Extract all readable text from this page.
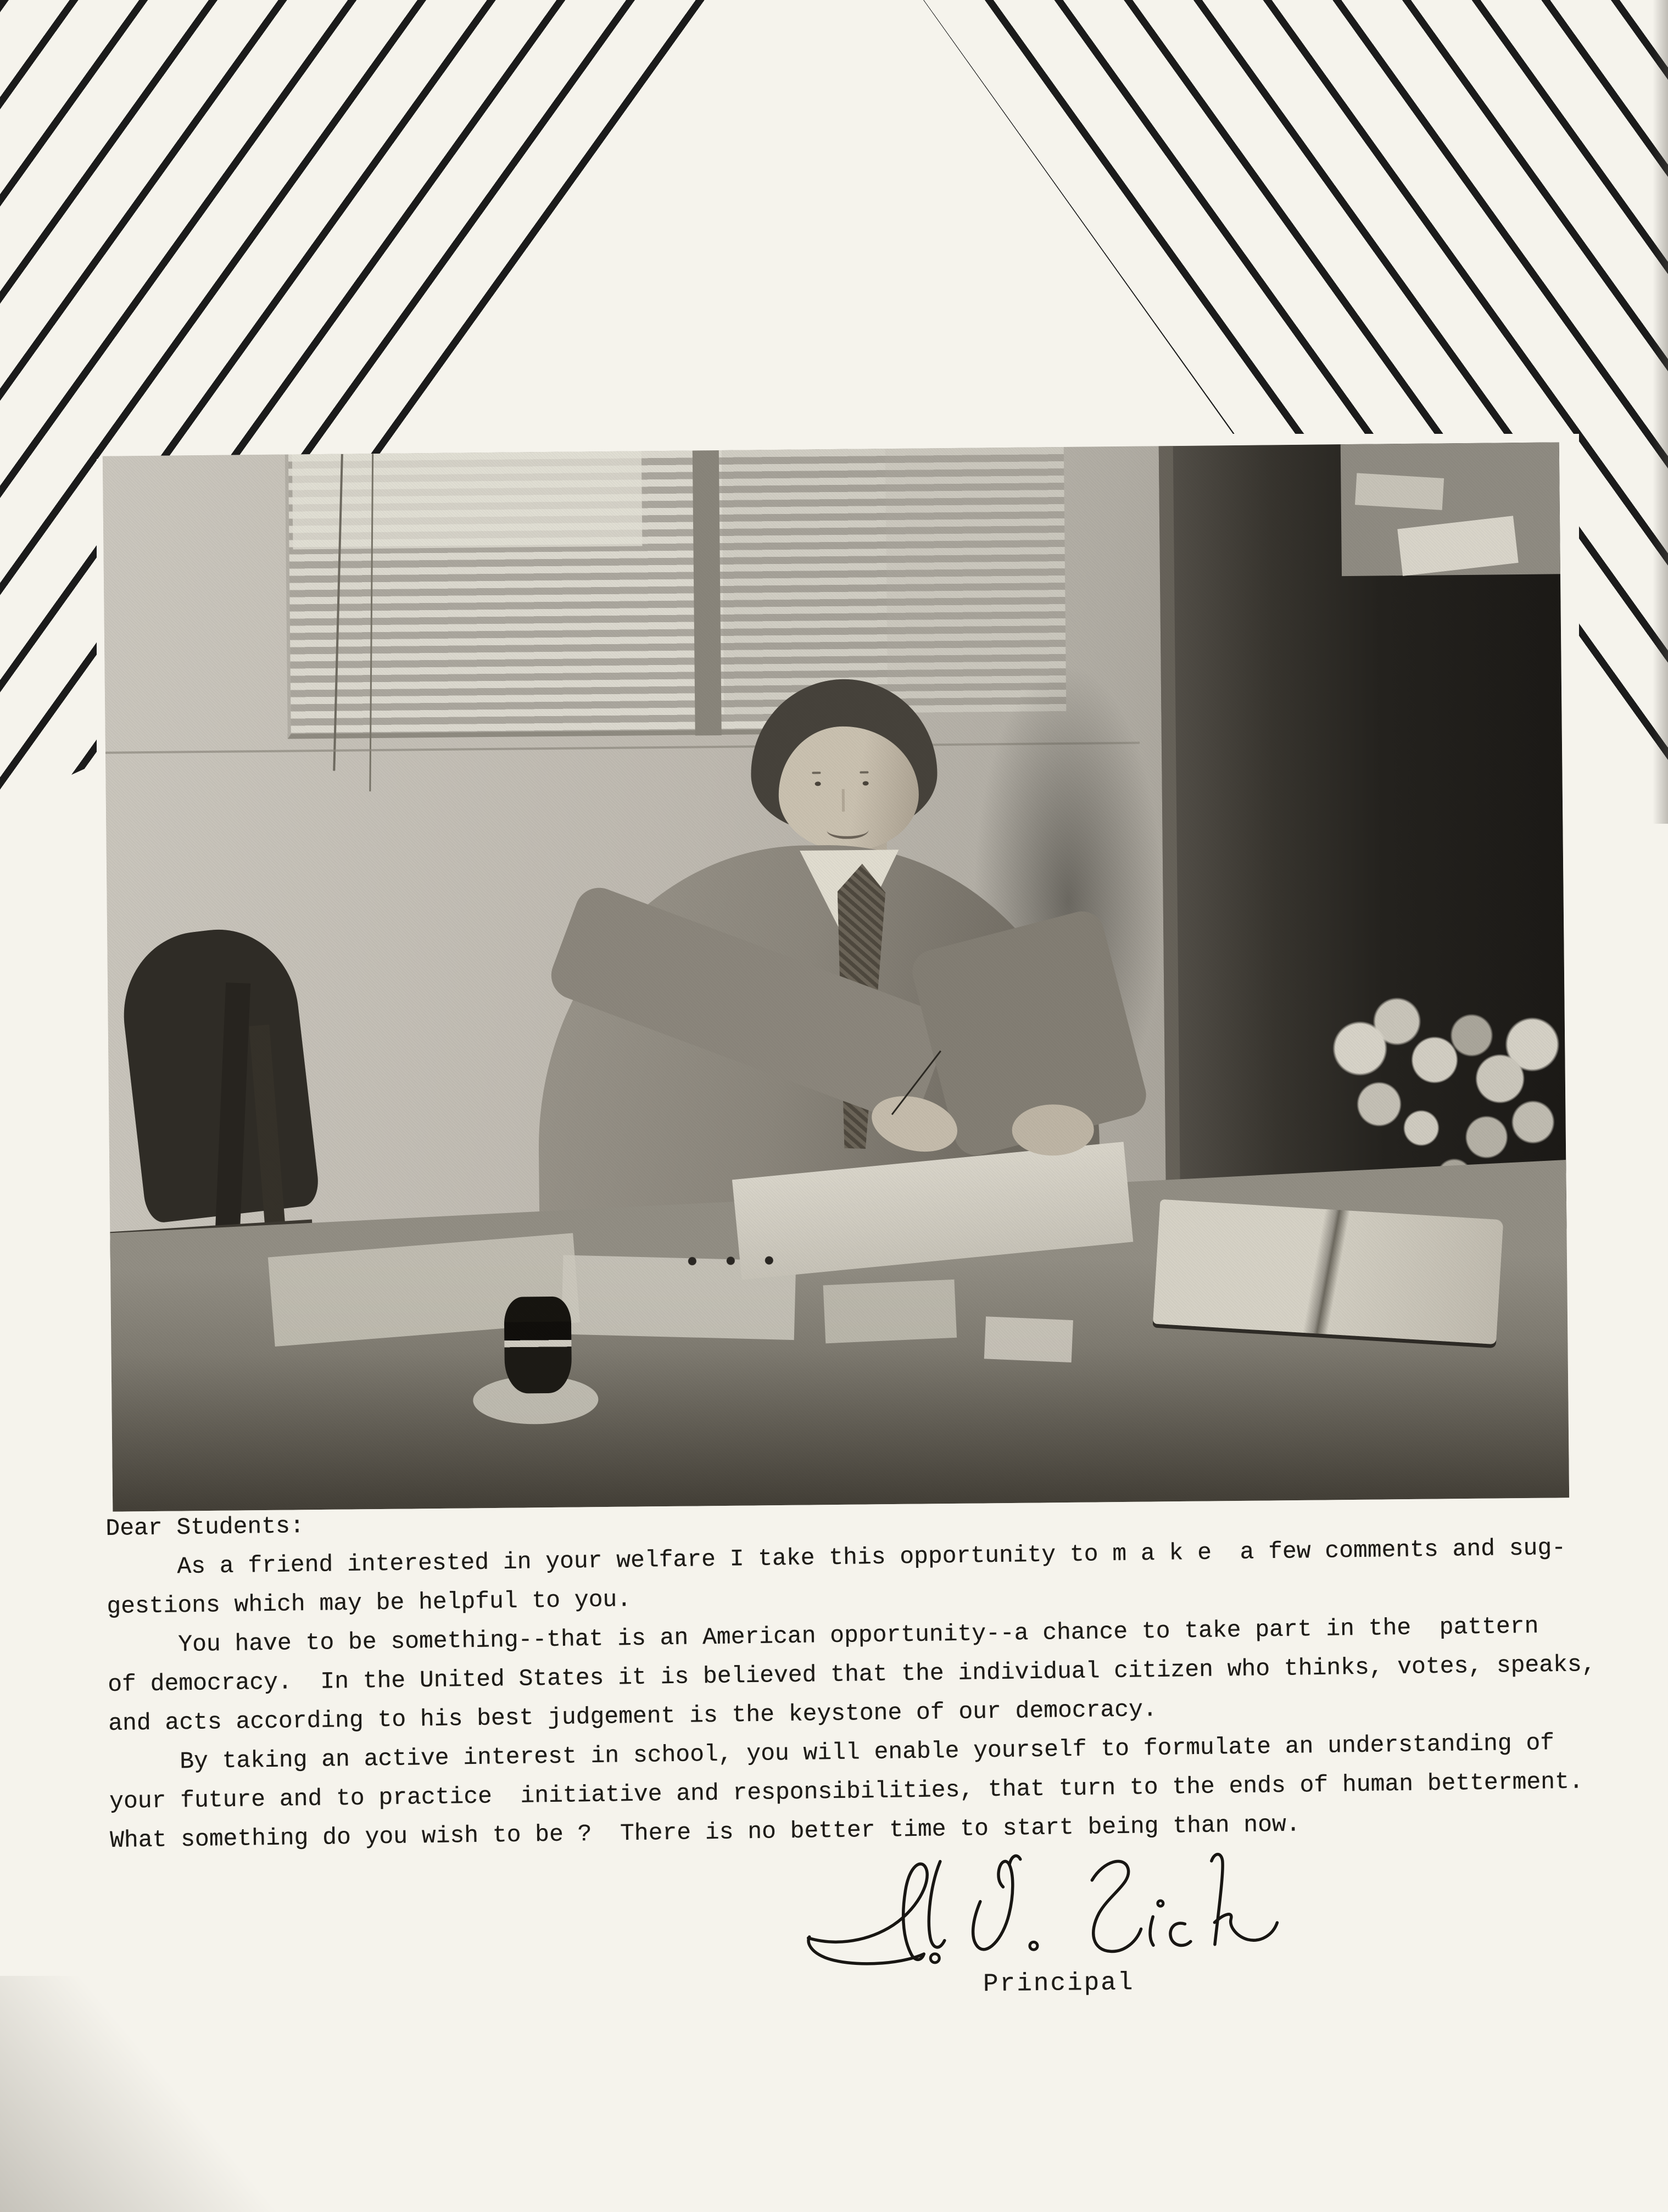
Dear Students:
As a friend interested in your welfare I take this opportunity to m a k e  a few comments and sug-
gestions which may be helpful to you.
You have to be something--that is an American opportunity--a chance to take part in the  pattern
of democracy.  In the United States it is believed that the individual citizen who thinks, votes, speaks,
and acts according to his best judgement is the keystone of our democracy.
By taking an active interest in school, you will enable yourself to formulate an understanding of
your future and to practice  initiative and responsibilities, that turn to the ends of human betterment.
What something do you wish to be ?  There is no better time to start being than now.
Principal
